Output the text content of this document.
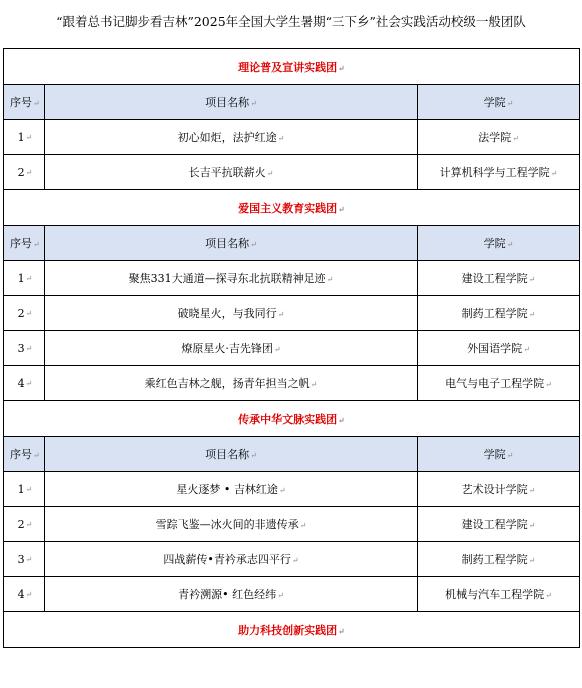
“跟着总书记脚步看吉林”2025年全国大学生暑期“三下乡”社会实践活动校级一般团队
理论普及宣讲实践团↵		
序号↵	项目名称↵	学院↵
1↵	初心如炬，法护红途↵	法学院↵
2↵	长吉平抗联薪火↵	计算机科学与工程学院↵
爱国主义教育实践团↵		
序号↵	项目名称↵	学院↵
1↵	聚焦331大通道—探寻东北抗联精神足迹↵	建设工程学院↵
2↵	破晓星火，与我同行↵	制药工程学院↵
3↵	燎原星火·吉先锋团↵	外国语学院↵
4↵	乘红色吉林之舰，扬青年担当之帆↵	电气与电子工程学院↵
传承中华文脉实践团↵		
序号↵	项目名称↵	学院↵
1↵	星火逐梦 • 吉林红途↵	艺术设计学院↵
2↵	雪踪飞鉴—冰火间的非遗传承↵	建设工程学院↵
3↵	四战薪传•青衿承志四平行↵	制药工程学院↵
4↵	青衿溯源• 红色经纬↵	机械与汽车工程学院↵
助力科技创新实践团↵		
